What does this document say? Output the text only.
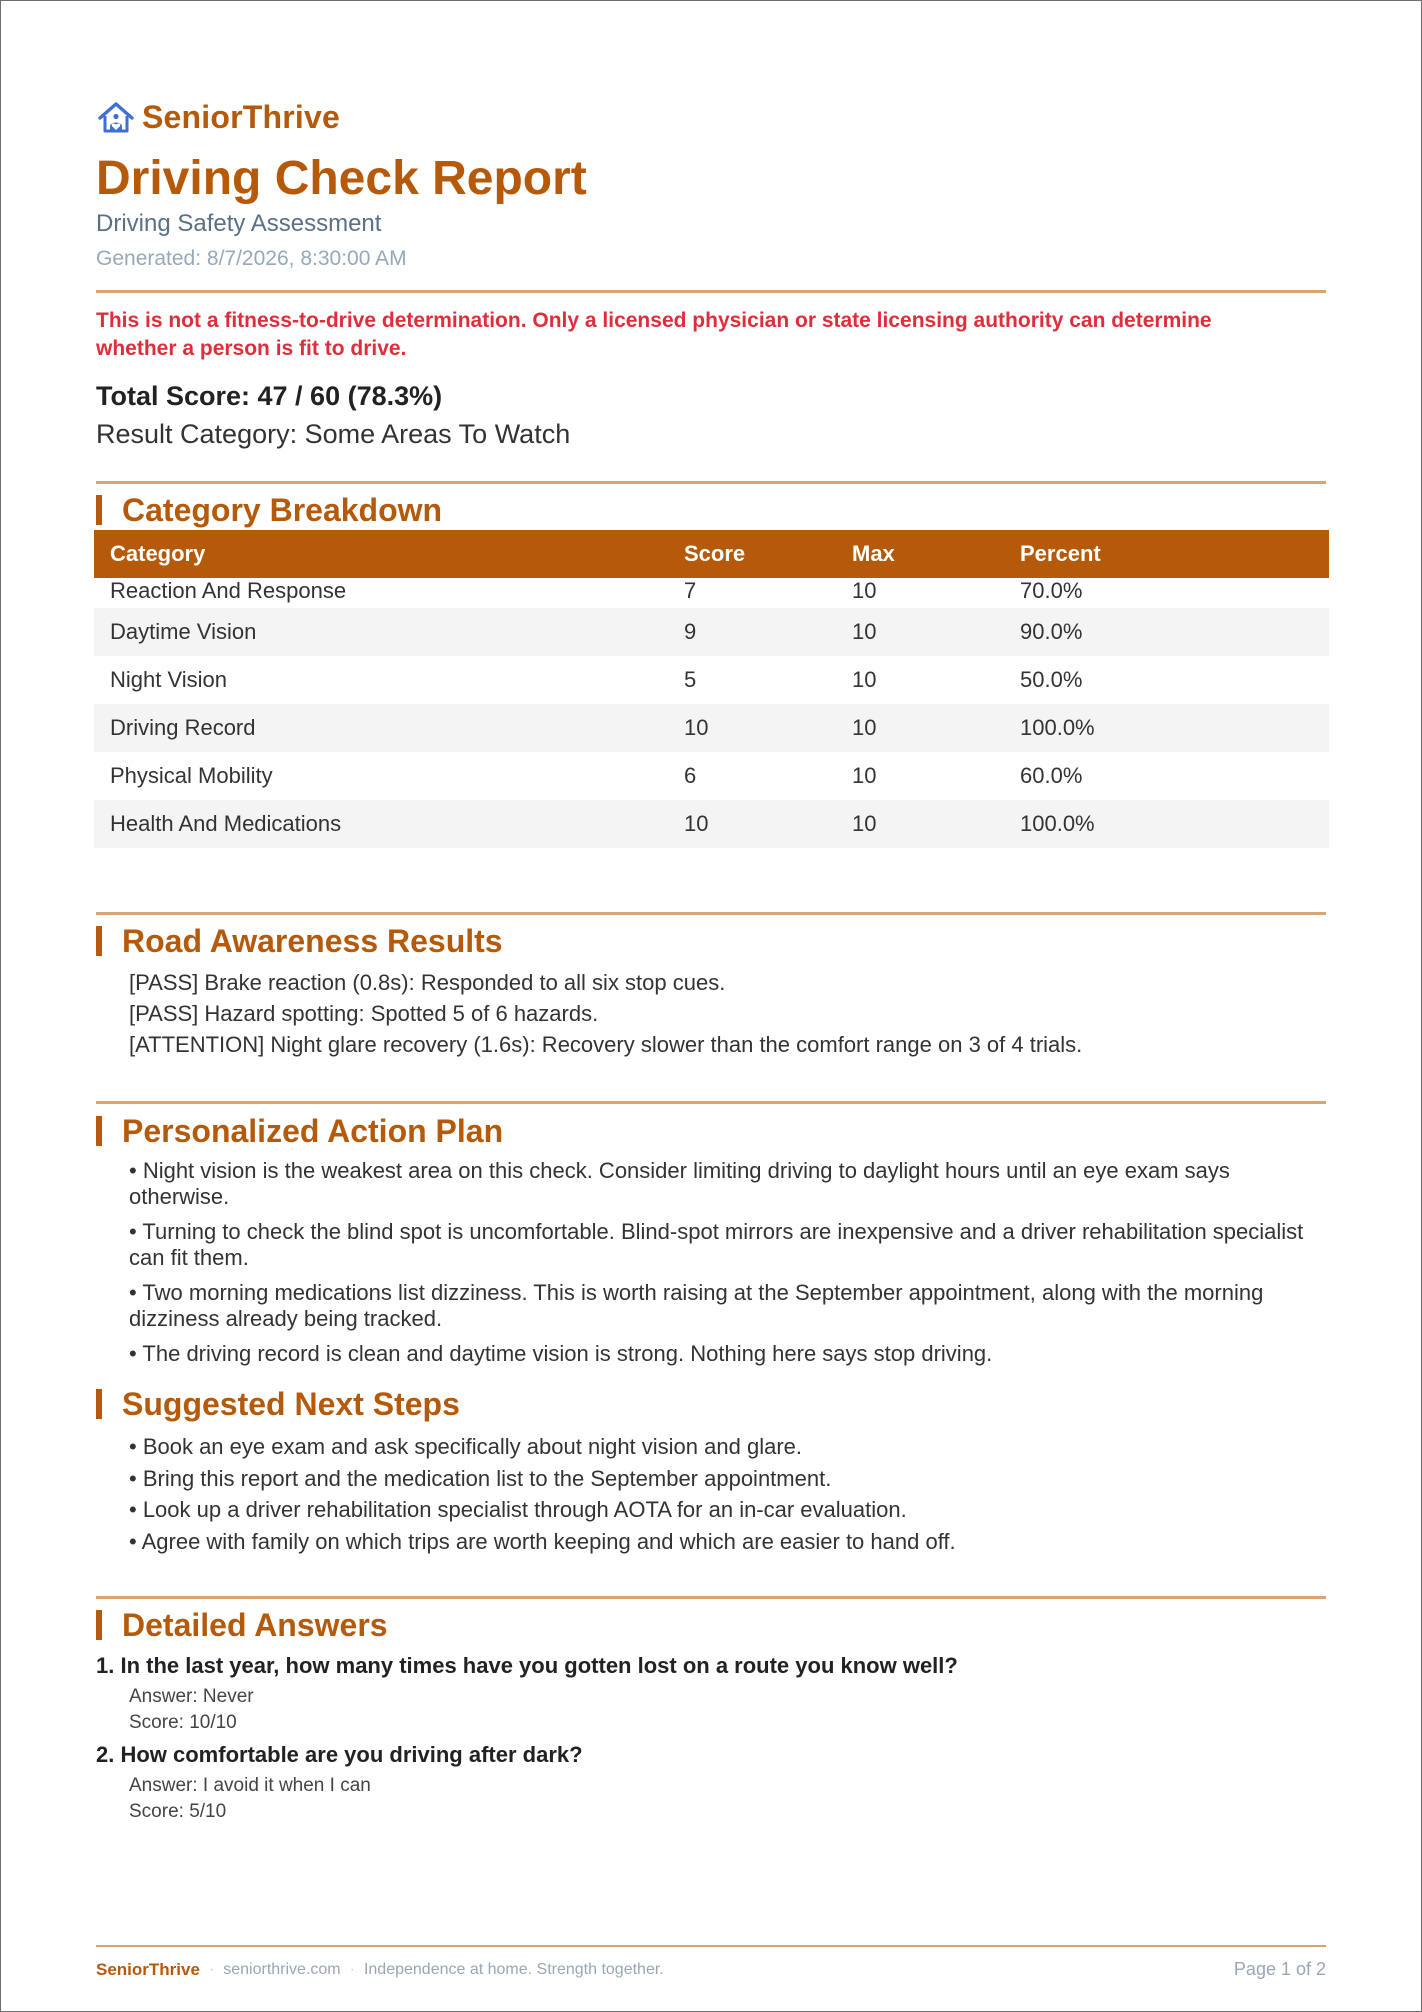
SeniorThrive
Driving Check Report
Driving Safety Assessment
Generated: 8/7/2026, 8:30:00 AM
This is not a fitness-to-drive determination. Only a licensed physician or state licensing authority can determine whether a person is fit to drive.
Total Score: 47 / 60 (78.3%)
Result Category: Some Areas To Watch
Category Breakdown
Category	Score	Max	Percent
Reaction And Response	7	10	70.0%
Daytime Vision	9	10	90.0%
Night Vision	5	10	50.0%
Driving Record	10	10	100.0%
Physical Mobility	6	10	60.0%
Health And Medications	10	10	100.0%
Road Awareness Results
[PASS] Brake reaction (0.8s): Responded to all six stop cues.
[PASS] Hazard spotting: Spotted 5 of 6 hazards.
[ATTENTION] Night glare recovery (1.6s): Recovery slower than the comfort range on 3 of 4 trials.
Personalized Action Plan
• Night vision is the weakest area on this check. Consider limiting driving to daylight hours until an eye exam says otherwise.
• Turning to check the blind spot is uncomfortable. Blind-spot mirrors are inexpensive and a driver rehabilitation specialist can fit them.
• Two morning medications list dizziness. This is worth raising at the September appointment, along with the morning dizziness already being tracked.
• The driving record is clean and daytime vision is strong. Nothing here says stop driving.
Suggested Next Steps
• Book an eye exam and ask specifically about night vision and glare.
• Bring this report and the medication list to the September appointment.
• Look up a driver rehabilitation specialist through AOTA for an in-car evaluation.
• Agree with family on which trips are worth keeping and which are easier to hand off.
Detailed Answers
1. In the last year, how many times have you gotten lost on a route you know well?
Answer: Never
Score: 10/10
2. How comfortable are you driving after dark?
Answer: I avoid it when I can
Score: 5/10
SeniorThrive · seniorthrive.com · Independence at home. Strength together.	Page 1 of 2
